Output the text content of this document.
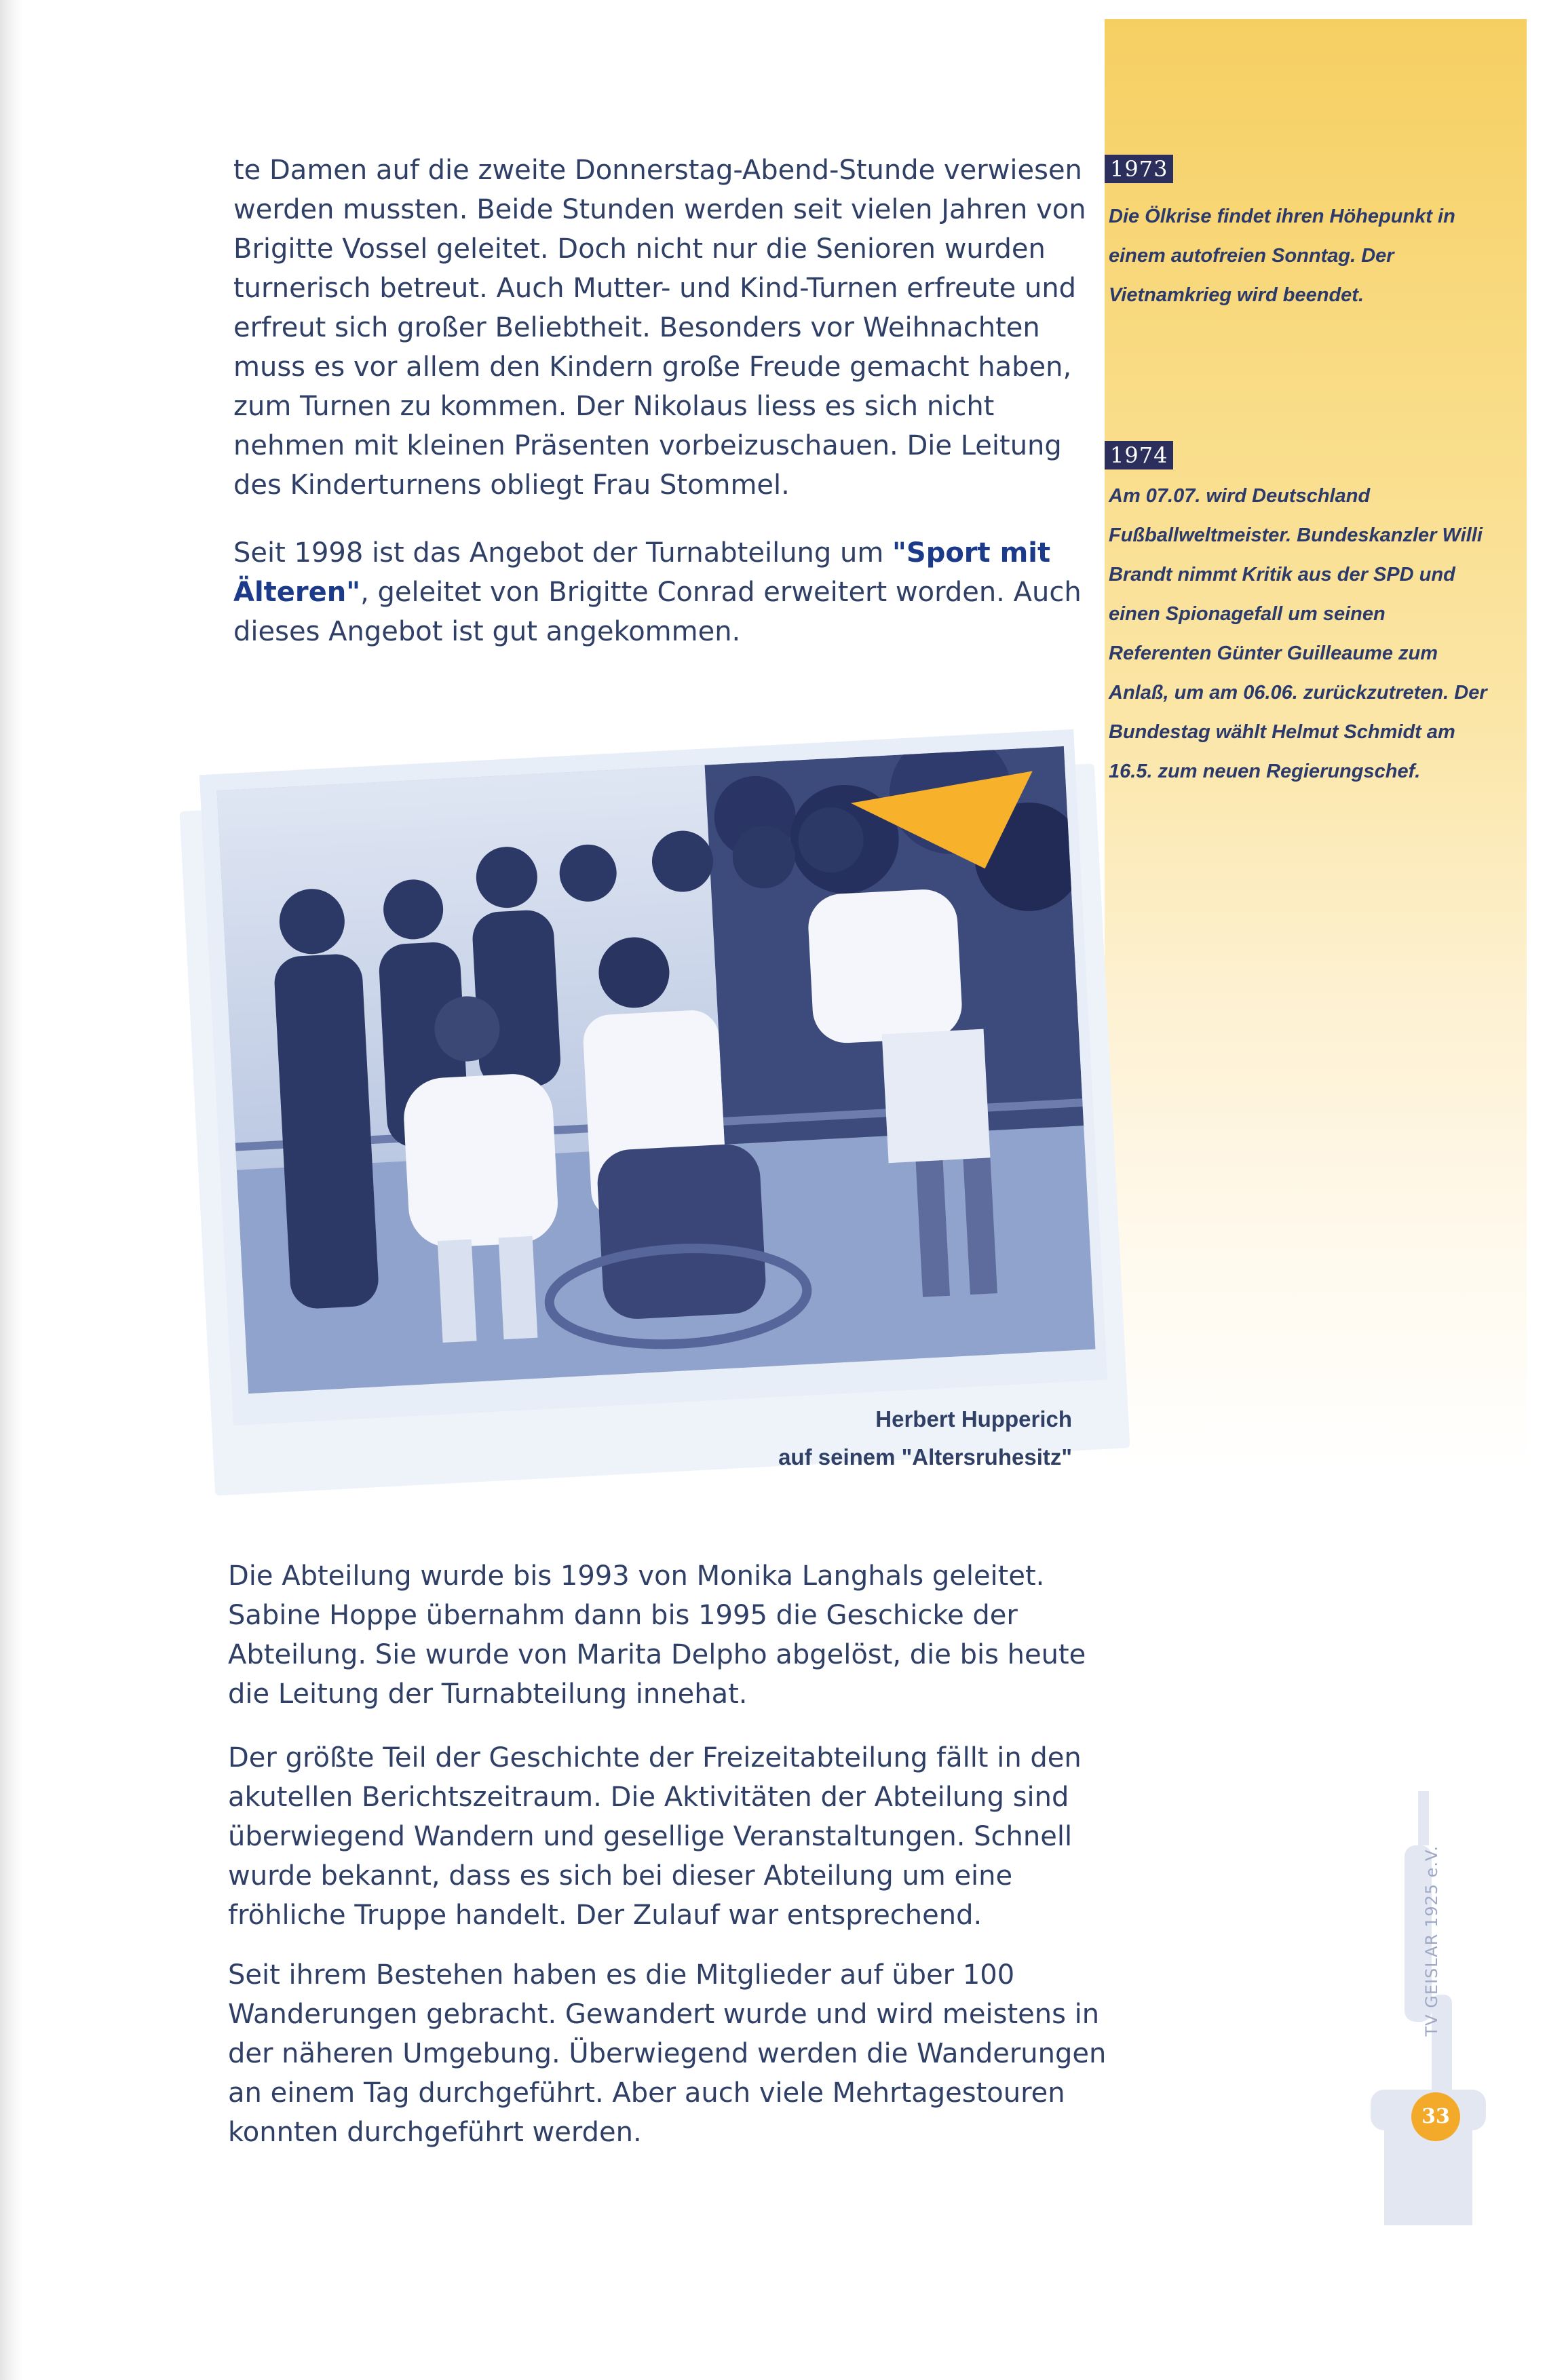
1973

Die Ölkrise findet ihren Höhepunkt in einem autofreien Sonntag. Der Vietnamkrieg wird beendet.

1974

Am 07.07. wird Deutschland Fußballweltmeister. Bundeskanzler Willi Brandt nimmt Kritik aus der SPD und einen Spionagefall um seinen Referenten Günter Guilleaume zum Anlaß, um am 06.06. zurückzutreten. Der Bundestag wählt Helmut Schmidt am 16.5. zum neuen Regierungschef.

te Damen auf die zweite Donnerstag-Abend-Stunde verwiesen werden mussten. Beide Stunden werden seit vielen Jahren von Brigitte Vossel geleitet. Doch nicht nur die Senioren wurden turnerisch betreut. Auch Mutter- und Kind-Turnen erfreute und erfreut sich großer Beliebtheit. Besonders vor Weihnachten muss es vor allem den Kindern große Freude gemacht haben, zum Turnen zu kommen. Der Nikolaus liess es sich nicht nehmen mit kleinen Präsenten vorbeizuschauen. Die Leitung des Kinderturnens obliegt Frau Stommel.

Seit 1998 ist das Angebot der Turnabteilung um "Sport mit Älteren", geleitet von Brigitte Conrad erweitert worden. Auch dieses Angebot ist gut angekommen.

Herbert Hupperich

auf seinem "Altersruhesitz"

Die Abteilung wurde bis 1993 von Monika Langhals geleitet. Sabine Hoppe übernahm dann bis 1995 die Geschicke der Abteilung. Sie wurde von Marita Delpho abgelöst, die bis heute die Leitung der Turnabteilung innehat.

Der größte Teil der Geschichte der Freizeitabteilung fällt in den akutellen Berichtszeitraum. Die Aktivitäten der Abteilung sind überwiegend Wandern und gesellige Veranstaltungen. Schnell wurde bekannt, dass es sich bei dieser Abteilung um eine fröhliche Truppe handelt. Der Zulauf war entsprechend.

Seit ihrem Bestehen haben es die Mitglieder auf über 100 Wanderungen gebracht. Gewandert wurde und wird meistens in der näheren Umgebung. Überwiegend werden die Wanderungen an einem Tag durchgeführt. Aber auch viele Mehrtagestouren konnten durchgeführt werden.

TV GEISLAR 1925 e.V.
33
